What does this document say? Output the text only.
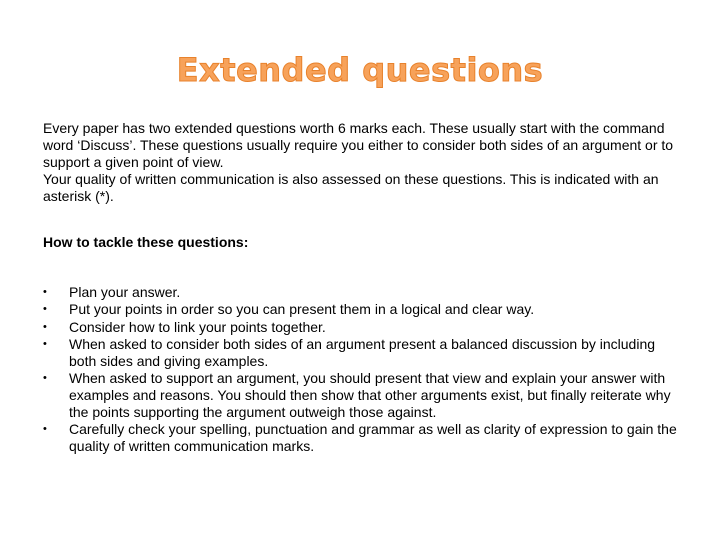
Extended questions

Every paper has two extended questions worth 6 marks each. These usually start with the command word ‘Discuss’. These questions usually require you either to consider both sides of an argument or to support a given point of view.

Your quality of written communication is also assessed on these questions. This is indicated with an asterisk (*).

How to tackle these questions:
•	Plan your answer.
•	Put your points in order so you can present them in a logical and clear way.
•	Consider how to link your points together.
•	When asked to consider both sides of an argument present a balanced discussion by including both sides and giving examples.
•	When asked to support an argument, you should present that view and explain your answer with examples and reasons. You should then show that other arguments exist, but finally reiterate why the points supporting the argument outweigh those against.
•	Carefully check your spelling, punctuation and grammar as well as clarity of expression to gain the quality of written communication marks.
